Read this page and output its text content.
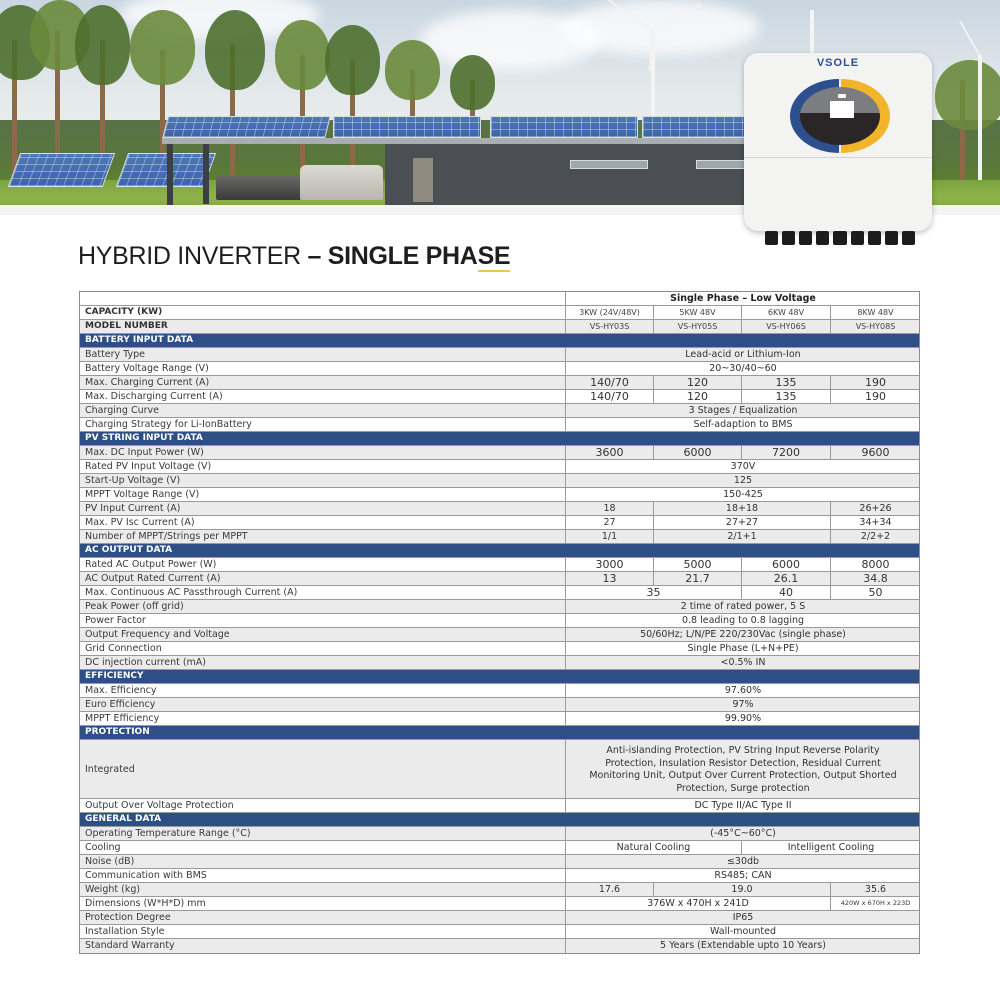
VSOLE
HYBRID INVERTER – SINGLE PHASE
Single Phase – Low Voltage
CAPACITY (KW)	3KW (24V/48V)	5KW 48V	6KW 48V	8KW 48V
MODEL NUMBER	VS-HY03S	VS-HY05S	VS-HY06S	VS-HY08S
BATTERY INPUT DATA
Battery Type	Lead-acid or Lithium-Ion
Battery Voltage Range (V)	20~30/40~60
Max. Charging Current (A)	140/70	120	135	190
Max. Discharging Current (A)	140/70	120	135	190
Charging Curve	3 Stages / Equalization
Charging Strategy for Li-IonBattery	Self-adaption to BMS
PV STRING INPUT DATA
Max. DC Input Power (W)	3600	6000	7200	9600
Rated PV Input Voltage (V)	370V
Start-Up Voltage (V)	125
MPPT Voltage Range (V)	150-425
PV Input Current (A)	18	18+18	26+26
Max. PV Isc Current (A)	27	27+27	34+34
Number of MPPT/Strings per MPPT	1/1	2/1+1	2/2+2
AC OUTPUT DATA
Rated AC Output Power (W)	3000	5000	6000	8000
AC Output Rated Current (A)	13	21.7	26.1	34.8
Max. Continuous AC Passthrough Current (A)	35	40	50
Peak Power (off grid)	2 time of rated power, 5 S
Power Factor	0.8 leading to 0.8 lagging
Output Frequency and Voltage	50/60Hz; L/N/PE 220/230Vac (single phase)
Grid Connection	Single Phase (L+N+PE)
DC injection current (mA)	<0.5% IN
EFFICIENCY
Max. Efficiency	97.60%
Euro Efficiency	97%
MPPT Efficiency	99.90%
PROTECTION
Integrated
Anti-islanding Protection, PV String Input Reverse Polarity Protection, Insulation Resistor Detection, Residual Current Monitoring Unit, Output Over Current Protection, Output Shorted Protection, Surge protection
Output Over Voltage Protection	DC Type II/AC Type II
GENERAL DATA
Operating Temperature Range (°C)	(-45°C~60°C)
Cooling	Natural Cooling	Intelligent Cooling
Noise (dB)	≤30db
Communication with BMS	RS485; CAN
Weight (kg)	17.6	19.0	35.6
Dimensions (W*H*D) mm	376W x 470H x 241D	420W x 670H x 223D
Protection Degree	IP65
Installation Style	Wall-mounted
Standard Warranty	5 Years (Extendable upto 10 Years)
